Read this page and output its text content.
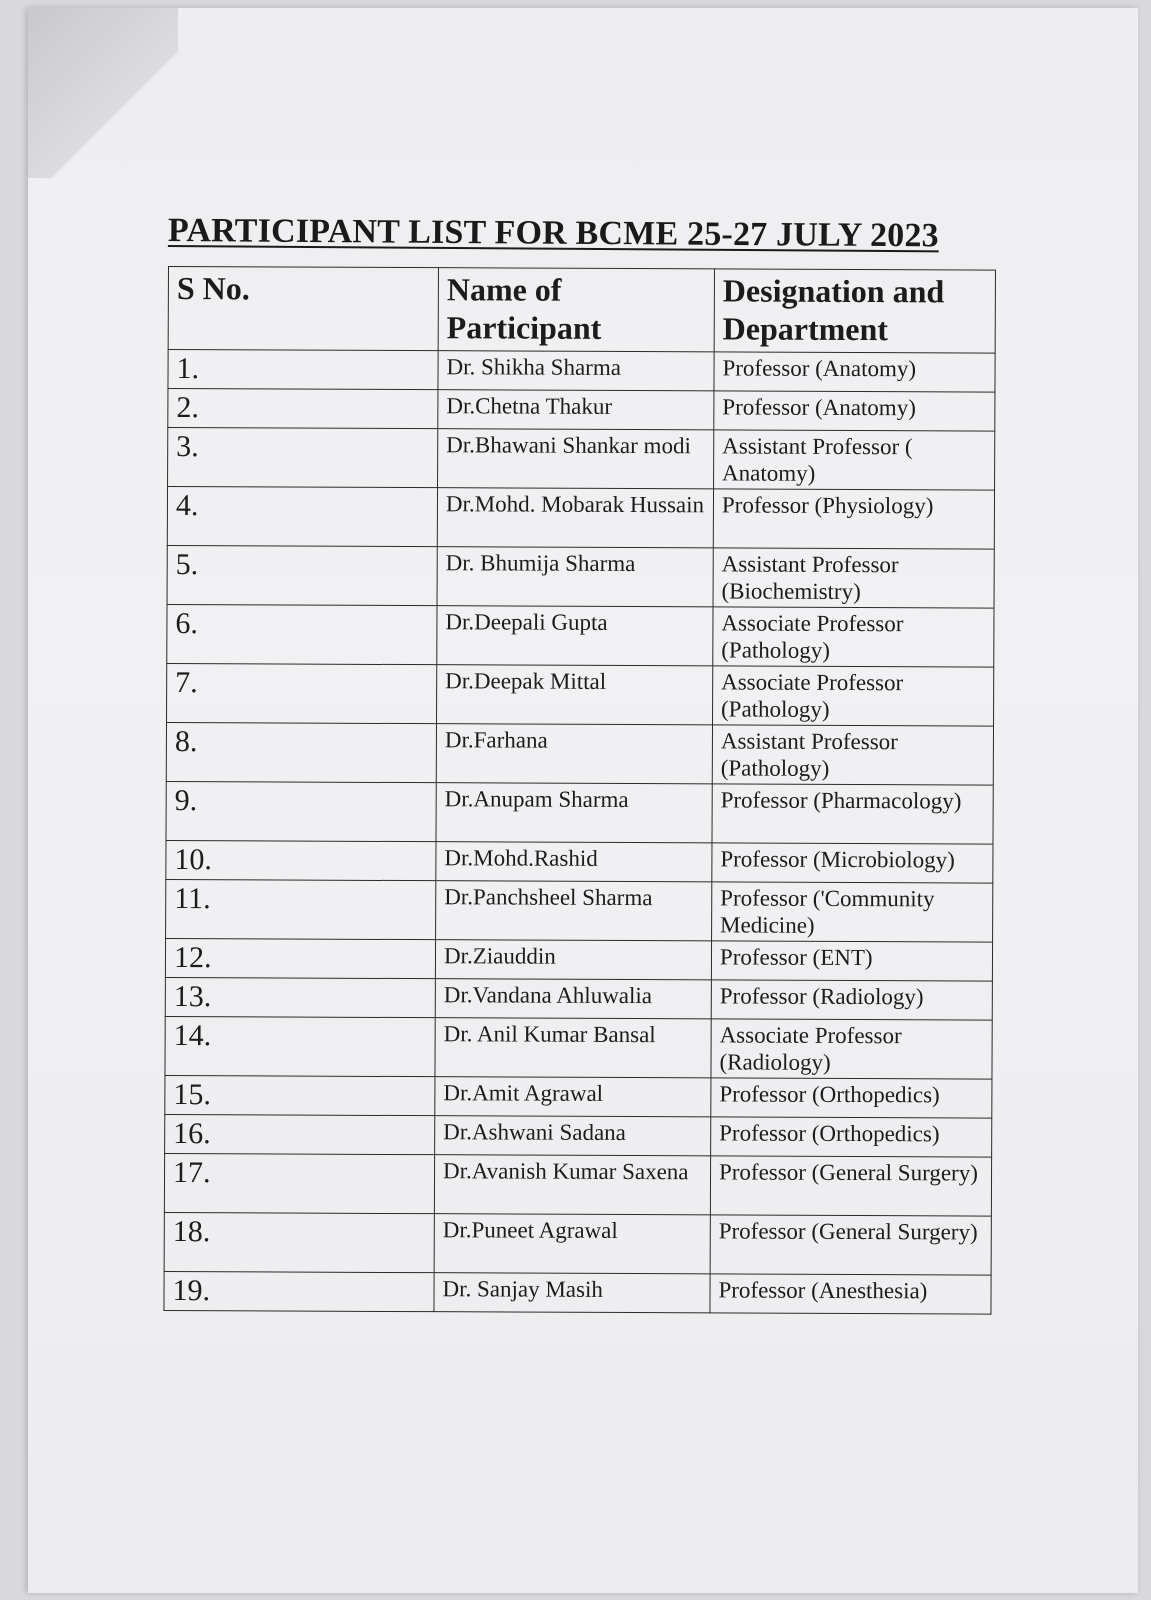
PARTICIPANT LIST FOR BCME 25-27 JULY 2023
S No.	Name of Participant	Designation and Department
1.	Dr. Shikha Sharma	Professor (Anatomy)
2.	Dr.Chetna Thakur	Professor (Anatomy)
3.	Dr.Bhawani Shankar modi	Assistant Professor ( Anatomy)
4.	Dr.Mohd. Mobarak Hussain	Professor (Physiology)
5.	Dr. Bhumija Sharma	Assistant Professor (Biochemistry)
6.	Dr.Deepali Gupta	Associate Professor (Pathology)
7.	Dr.Deepak Mittal	Associate Professor (Pathology)
8.	Dr.Farhana	Assistant Professor (Pathology)
9.	Dr.Anupam Sharma	Professor (Pharmacology)
10.	Dr.Mohd.Rashid	Professor (Microbiology)
11.	Dr.Panchsheel Sharma	Professor ('Community Medicine)
12.	Dr.Ziauddin	Professor (ENT)
13.	Dr.Vandana Ahluwalia	Professor (Radiology)
14.	Dr. Anil Kumar Bansal	Associate Professor (Radiology)
15.	Dr.Amit Agrawal	Professor (Orthopedics)
16.	Dr.Ashwani Sadana	Professor (Orthopedics)
17.	Dr.Avanish Kumar Saxena	Professor (General Surgery)
18.	Dr.Puneet Agrawal	Professor (General Surgery)
19.	Dr. Sanjay Masih	Professor (Anesthesia)
